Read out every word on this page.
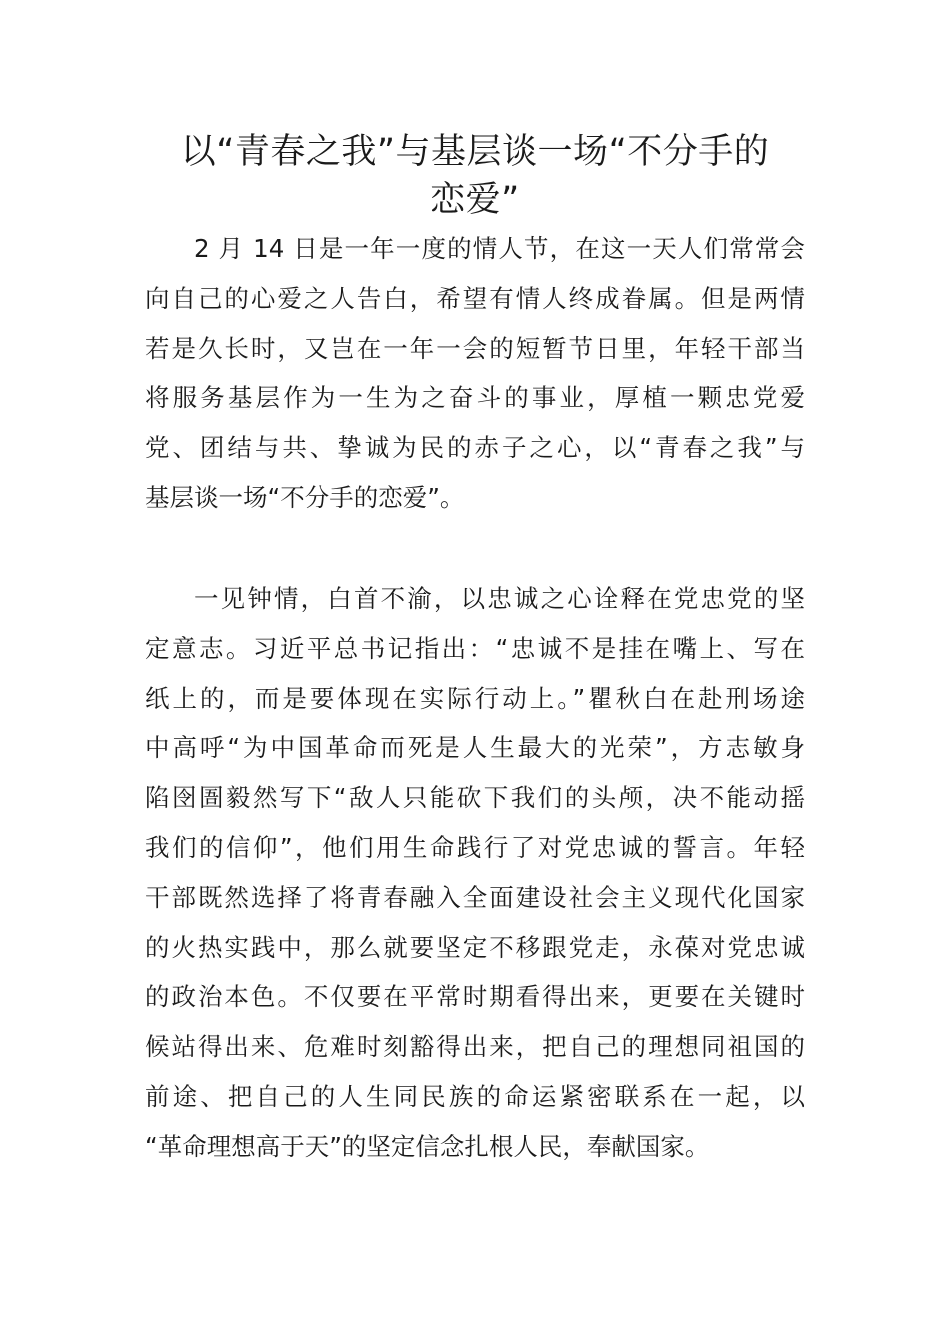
以“青春之我”与基层谈一场“不分手的
恋爱”
2 月 14 日是一年一度的情人节，在这一天人们常常会
向自己的心爱之人告白，希望有情人终成眷属。但是两情
若是久长时，又岂在一年一会的短暂节日里，年轻干部当
将服务基层作为一生为之奋斗的事业，厚植一颗忠党爱
党、团结与共、挚诚为民的赤子之心，以“青春之我”与
基层谈一场“不分手的恋爱”。
一见钟情，白首不渝，以忠诚之心诠释在党忠党的坚
定意志。习近平总书记指出：“忠诚不是挂在嘴上、写在
纸上的，而是要体现在实际行动上。”瞿秋白在赴刑场途
中高呼“为中国革命而死是人生最大的光荣”，方志敏身
陷囹圄毅然写下“敌人只能砍下我们的头颅，决不能动摇
我们的信仰”，他们用生命践行了对党忠诚的誓言。年轻
干部既然选择了将青春融入全面建设社会主义现代化国家
的火热实践中，那么就要坚定不移跟党走，永葆对党忠诚
的政治本色。不仅要在平常时期看得出来，更要在关键时
候站得出来、危难时刻豁得出来，把自己的理想同祖国的
前途、把自己的人生同民族的命运紧密联系在一起，以
“革命理想高于天”的坚定信念扎根人民，奉献国家。
